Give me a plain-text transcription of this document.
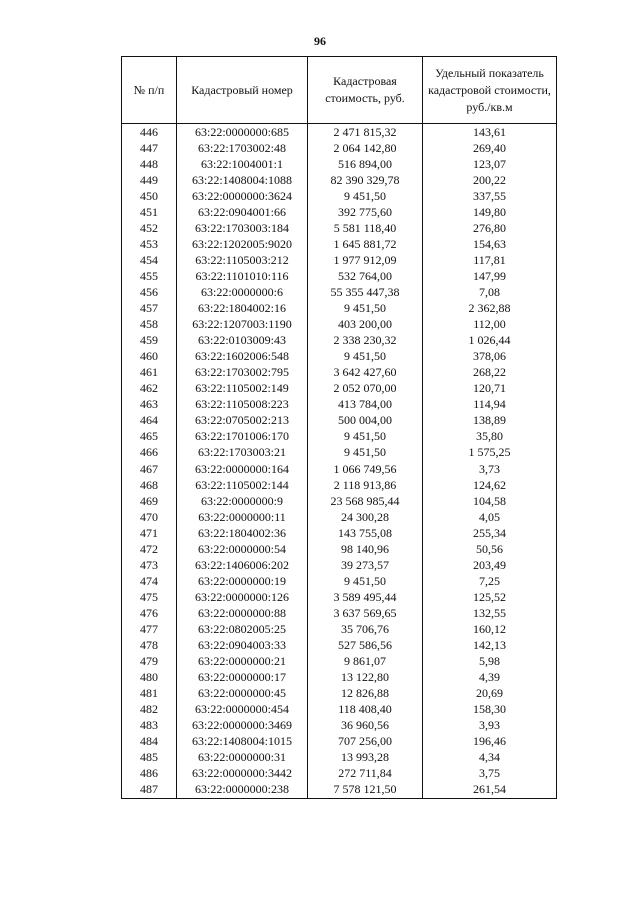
96
№ п/п	Кадастровый номер	Кадастровая стоимость, руб.	Удельный показатель кадастровой стоимости, руб./кв.м
446	63:22:0000000:685	2 471 815,32	143,61
447	63:22:1703002:48	2 064 142,80	269,40
448	63:22:1004001:1	516 894,00	123,07
449	63:22:1408004:1088	82 390 329,78	200,22
450	63:22:0000000:3624	9 451,50	337,55
451	63:22:0904001:66	392 775,60	149,80
452	63:22:1703003:184	5 581 118,40	276,80
453	63:22:1202005:9020	1 645 881,72	154,63
454	63:22:1105003:212	1 977 912,09	117,81
455	63:22:1101010:116	532 764,00	147,99
456	63:22:0000000:6	55 355 447,38	7,08
457	63:22:1804002:16	9 451,50	2 362,88
458	63:22:1207003:1190	403 200,00	112,00
459	63:22:0103009:43	2 338 230,32	1 026,44
460	63:22:1602006:548	9 451,50	378,06
461	63:22:1703002:795	3 642 427,60	268,22
462	63:22:1105002:149	2 052 070,00	120,71
463	63:22:1105008:223	413 784,00	114,94
464	63:22:0705002:213	500 004,00	138,89
465	63:22:1701006:170	9 451,50	35,80
466	63:22:1703003:21	9 451,50	1 575,25
467	63:22:0000000:164	1 066 749,56	3,73
468	63:22:1105002:144	2 118 913,86	124,62
469	63:22:0000000:9	23 568 985,44	104,58
470	63:22:0000000:11	24 300,28	4,05
471	63:22:1804002:36	143 755,08	255,34
472	63:22:0000000:54	98 140,96	50,56
473	63:22:1406006:202	39 273,57	203,49
474	63:22:0000000:19	9 451,50	7,25
475	63:22:0000000:126	3 589 495,44	125,52
476	63:22:0000000:88	3 637 569,65	132,55
477	63:22:0802005:25	35 706,76	160,12
478	63:22:0904003:33	527 586,56	142,13
479	63:22:0000000:21	9 861,07	5,98
480	63:22:0000000:17	13 122,80	4,39
481	63:22:0000000:45	12 826,88	20,69
482	63:22:0000000:454	118 408,40	158,30
483	63:22:0000000:3469	36 960,56	3,93
484	63:22:1408004:1015	707 256,00	196,46
485	63:22:0000000:31	13 993,28	4,34
486	63:22:0000000:3442	272 711,84	3,75
487	63:22:0000000:238	7 578 121,50	261,54
